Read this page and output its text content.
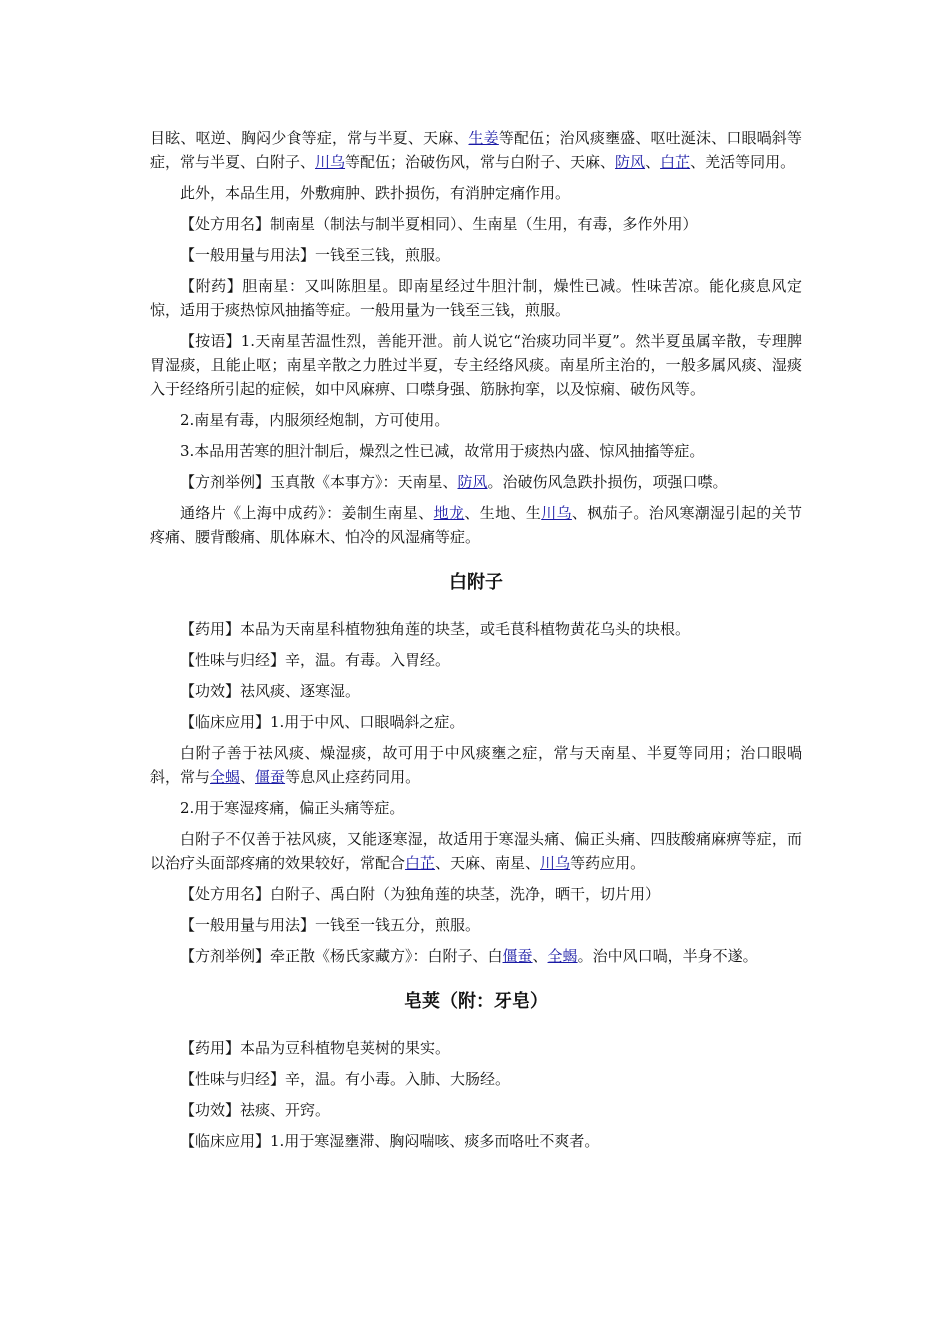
目眩、呕逆、胸闷少食等症，常与半夏、天麻、生姜等配伍；治风痰壅盛、呕吐涎沫、口眼喎斜等症，常与半夏、白附子、川乌等配伍；治破伤风，常与白附子、天麻、防风、白芷、羌活等同用。

此外，本品生用，外敷痈肿、跌扑损伤，有消肿定痛作用。

【处方用名】制南星（制法与制半夏相同）、生南星（生用，有毒，多作外用）

【一般用量与用法】一钱至三钱，煎服。

【附药】胆南星：又叫陈胆星。即南星经过牛胆汁制，燥性已减。性味苦凉。能化痰息风定惊，适用于痰热惊风抽搐等症。一般用量为一钱至三钱，煎服。

【按语】1.天南星苦温性烈，善能开泄。前人说它“治痰功同半夏”。然半夏虽属辛散，专理脾胃湿痰，且能止呕；南星辛散之力胜过半夏，专主经络风痰。南星所主治的，一般多属风痰、湿痰入于经络所引起的症候，如中风麻痹、口噤身强、筋脉拘挛，以及惊痫、破伤风等。

2.南星有毒，内服须经炮制，方可使用。

3.本品用苦寒的胆汁制后，燥烈之性已减，故常用于痰热内盛、惊风抽搐等症。

【方剂举例】玉真散《本事方》：天南星、防风。治破伤风急跌扑损伤，项强口噤。

通络片《上海中成药》：姜制生南星、地龙、生地、生川乌、枫茄子。治风寒潮湿引起的关节疼痛、腰背酸痛、肌体麻木、怕冷的风湿痛等症。

白附子

【药用】本品为天南星科植物独角莲的块茎，或毛茛科植物黄花乌头的块根。

【性味与归经】辛，温。有毒。入胃经。

【功效】祛风痰、逐寒湿。

【临床应用】1.用于中风、口眼喎斜之症。

白附子善于祛风痰、燥湿痰，故可用于中风痰壅之症，常与天南星、半夏等同用；治口眼喎斜，常与全蝎、僵蚕等息风止痉药同用。

2.用于寒湿疼痛，偏正头痛等症。

白附子不仅善于祛风痰，又能逐寒湿，故适用于寒湿头痛、偏正头痛、四肢酸痛麻痹等症，而以治疗头面部疼痛的效果较好，常配合白芷、天麻、南星、川乌等药应用。

【处方用名】白附子、禹白附（为独角莲的块茎，洗净，晒干，切片用）

【一般用量与用法】一钱至一钱五分，煎服。

【方剂举例】牵正散《杨氏家藏方》：白附子、白僵蚕、全蝎。治中风口喎，半身不遂。

皂荚（附：牙皂）

【药用】本品为豆科植物皂荚树的果实。

【性味与归经】辛，温。有小毒。入肺、大肠经。

【功效】祛痰、开窍。

【临床应用】1.用于寒湿壅滞、胸闷喘咳、痰多而咯吐不爽者。
